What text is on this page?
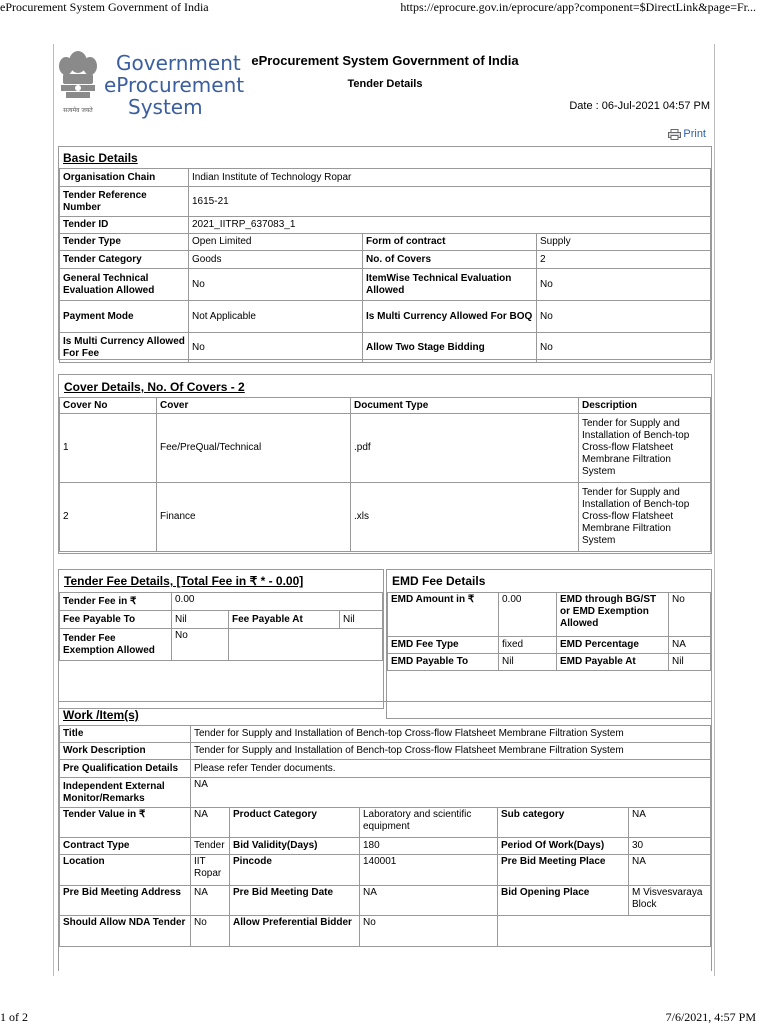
eProcurement System Government of India	https://eprocure.gov.in/eprocure/app?component=$DirectLink&page=Fr...
सत्यमेव जयते
Government
eProcurement
System
eProcurement System Government of India
Tender Details
Date : 06-Jul-2021 04:57 PM
Print
Basic Details
Organisation Chain	Indian Institute of Technology Ropar		
Tender Reference Number	1615-21		
Tender ID	2021_IITRP_637083_1		
Tender Type	Open Limited	Form of contract	Supply
Tender Category	Goods	No. of Covers	2
General Technical Evaluation Allowed	No	ItemWise Technical Evaluation Allowed	No
Payment Mode	Not Applicable	Is Multi Currency Allowed For BOQ	No
Is Multi Currency Allowed For Fee	No	Allow Two Stage Bidding	No
Cover Details, No. Of Covers - 2
Cover No	Cover	Document Type	Description
1	Fee/PreQual/Technical	.pdf	Tender for Supply and Installation of Bench-top Cross-flow Flatsheet Membrane Filtration System
2	Finance	.xls	Tender for Supply and Installation of Bench-top Cross-flow Flatsheet Membrane Filtration System
Tender Fee Details, [Total Fee in ₹ * - 0.00]
Tender Fee in ₹	0.00		
Fee Payable To	Nil	Fee Payable At	Nil
Tender Fee Exemption Allowed	No		
EMD Fee Details
EMD Amount in ₹	0.00	EMD through BG/ST or EMD Exemption Allowed	No
EMD Fee Type	fixed	EMD Percentage	NA
EMD Payable To	Nil	EMD Payable At	Nil
Work /Item(s)
Title	Tender for Supply and Installation of Bench-top Cross-flow Flatsheet Membrane Filtration System				
Work Description	Tender for Supply and Installation of Bench-top Cross-flow Flatsheet Membrane Filtration System				
Pre Qualification Details	Please refer Tender documents.				
Independent External Monitor/Remarks	NA				
Tender Value in ₹	NA	Product Category	Laboratory and scientific equipment	Sub category	NA
Contract Type	Tender	Bid Validity(Days)	180	Period Of Work(Days)	30
Location	IIT Ropar	Pincode	140001	Pre Bid Meeting Place	NA
Pre Bid Meeting Address	NA	Pre Bid Meeting Date	NA	Bid Opening Place	M Visvesvaraya Block
Should Allow NDA Tender	No	Allow Preferential Bidder	No		
1 of 2	7/6/2021, 4:57 PM
